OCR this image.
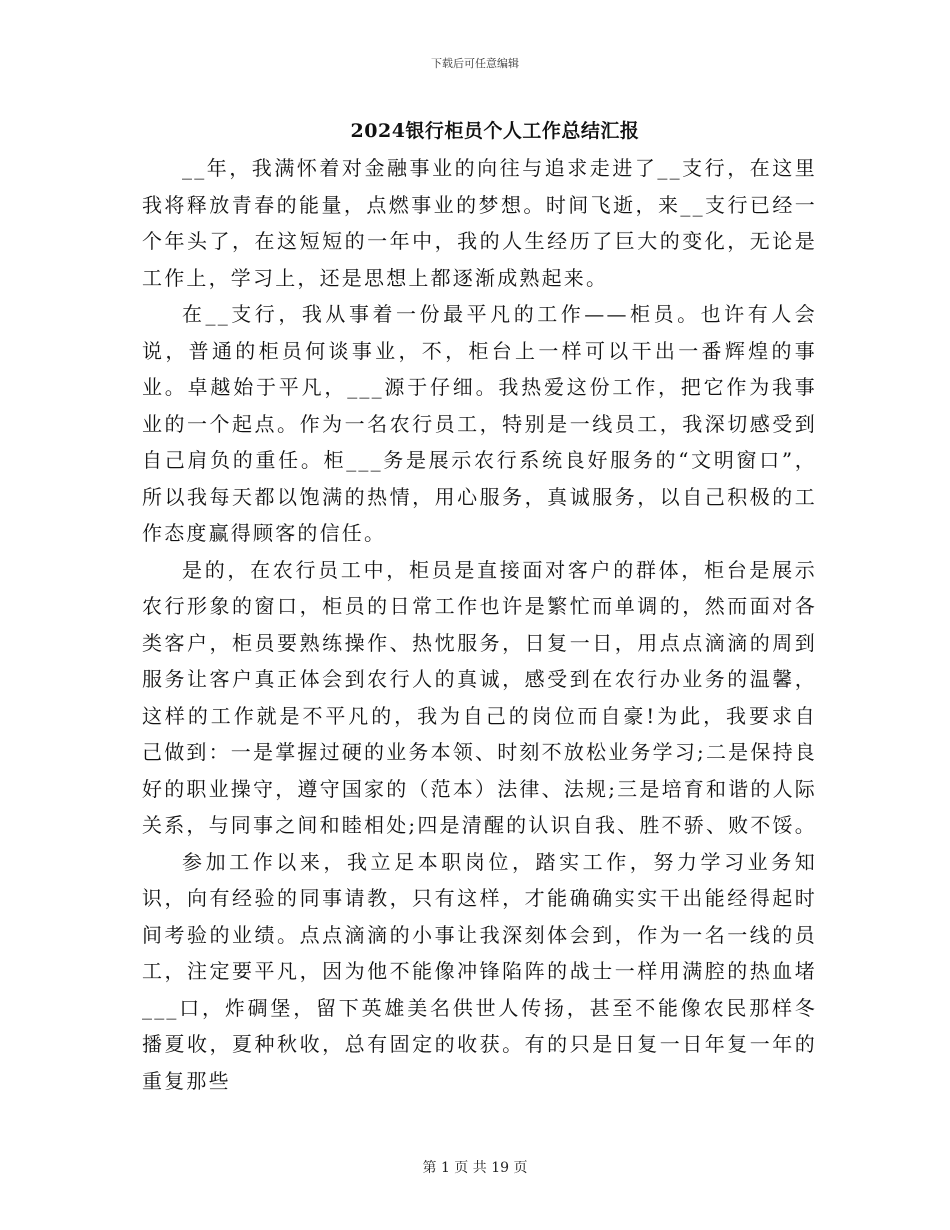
下载后可任意编辑
2024银行柜员个人工作总结汇报

__年，我满怀着对金融事业的向往与追求走进了__支行，在这里我将释放青春的能量，点燃事业的梦想。时间飞逝，来__支行已经一个年头了，在这短短的一年中，我的人生经历了巨大的变化，无论是工作上，学习上，还是思想上都逐渐成熟起来。

在__支行，我从事着一份最平凡的工作——柜员。也许有人会说，普通的柜员何谈事业，不，柜台上一样可以干出一番辉煌的事业。卓越始于平凡，___源于仔细。我热爱这份工作，把它作为我事业的一个起点。作为一名农行员工，特别是一线员工，我深切感受到自己肩负的重任。柜___务是展示农行系统良好服务的“文明窗口”，所以我每天都以饱满的热情，用心服务，真诚服务，以自己积极的工作态度赢得顾客的信任。

是的，在农行员工中，柜员是直接面对客户的群体，柜台是展示农行形象的窗口，柜员的日常工作也许是繁忙而单调的，然而面对各类客户，柜员要熟练操作、热忱服务，日复一日，用点点滴滴的周到服务让客户真正体会到农行人的真诚，感受到在农行办业务的温馨，这样的工作就是不平凡的，我为自己的岗位而自豪!为此，我要求自己做到：一是掌握过硬的业务本领、时刻不放松业务学习;二是保持良好的职业操守，遵守国家的（范本）法律、法规;三是培育和谐的人际关系，与同事之间和睦相处;四是清醒的认识自我、胜不骄、败不馁。

参加工作以来，我立足本职岗位，踏实工作，努力学习业务知识，向有经验的同事请教，只有这样，才能确确实实干出能经得起时间考验的业绩。点点滴滴的小事让我深刻体会到，作为一名一线的员工，注定要平凡，因为他不能像冲锋陷阵的战士一样用满腔的热血堵___口，炸碉堡，留下英雄美名供世人传扬，甚至不能像农民那样冬播夏收，夏种秋收，总有固定的收获。有的只是日复一日年复一年的重复那些

第 1 页 共 19 页
